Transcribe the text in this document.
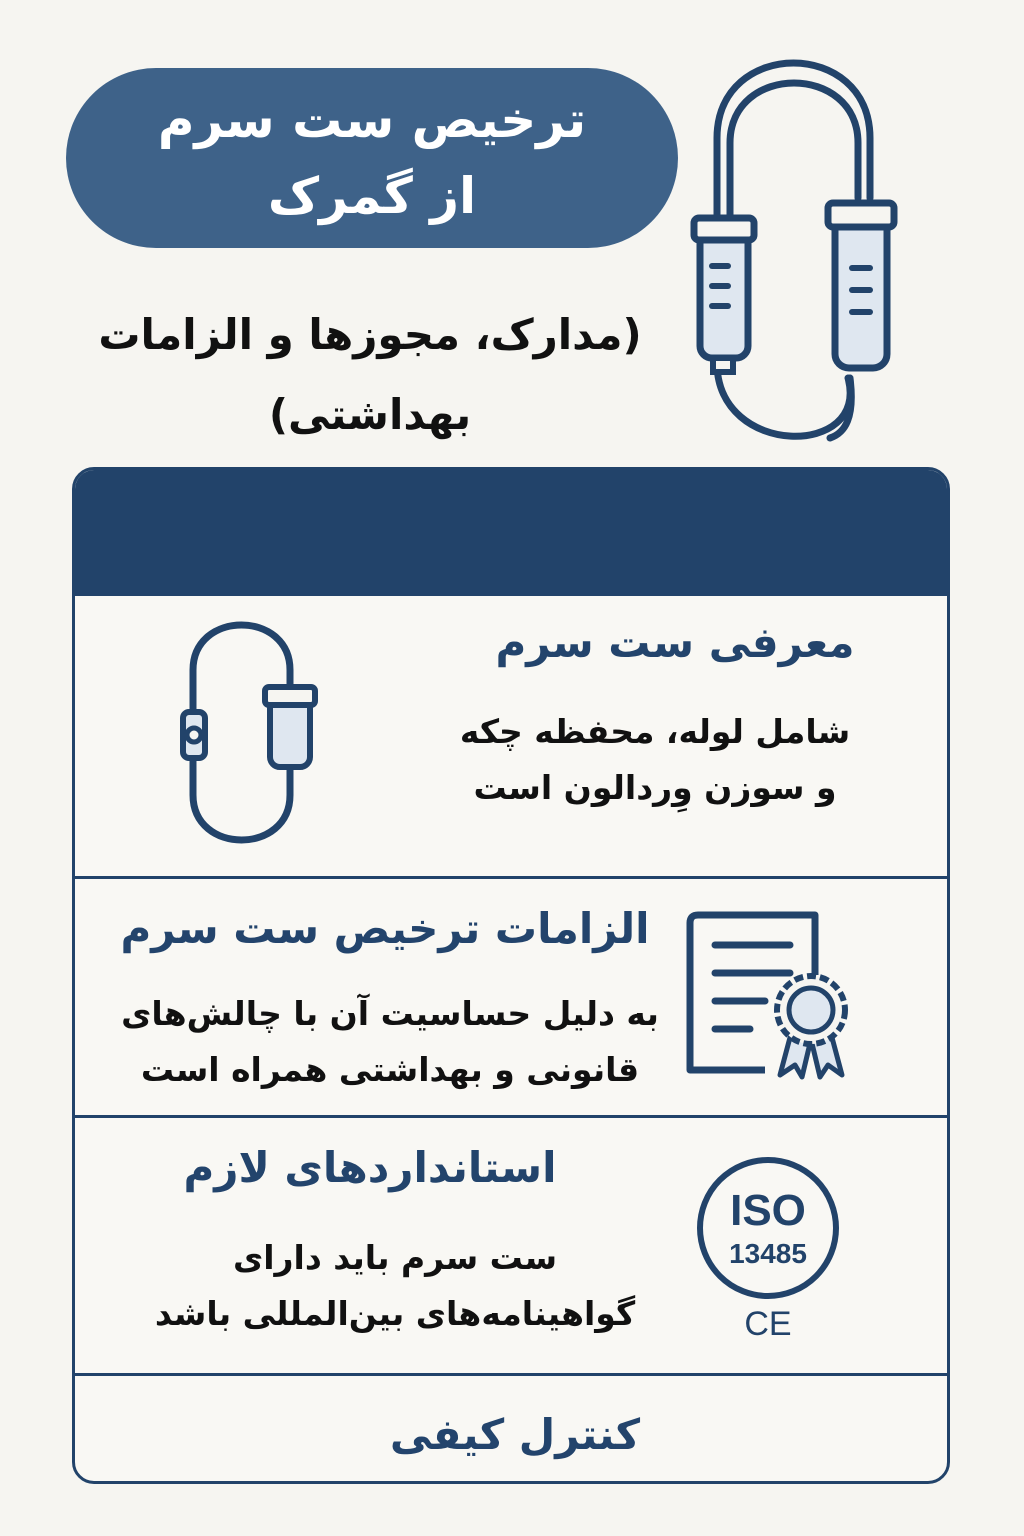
ترخیص ست سرم
از گمرک
(مدارک، مجوزها و الزامات
بهداشتی)
معرفی ست سرم
شامل لوله، محفظه چکه
و سوزن وِردالون است
الزامات ترخیص ست سرم
به دلیل حساسیت آن با چالش‌های
قانونی و بهداشتی همراه است
استانداردهای لازم
ست سرم باید دارای
گواهینامه‌های بین‌المللی باشد
ISO
13485
CE
کنترل کیفی
